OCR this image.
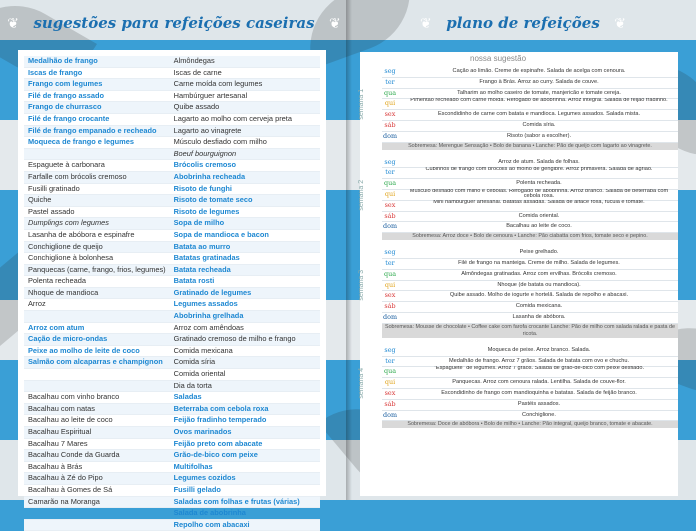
❦ sugestões para refeições caseiras ❦
Medalhão de frango	Almôndegas
Iscas de frango	Iscas de carne
Frango com legumes	Carne moída com legumes
Filé de frango assado	Hambúrguer artesanal
Frango de churrasco	Quibe assado
Filé de frango crocante	Lagarto ao molho com cerveja preta
Filé de frango empanado e recheado	Lagarto ao vinagrete
Moqueca de frango e legumes	Músculo desfiado com milho
	Boeuf bourguignon
Espaguete à carbonara	Brócolis cremoso
Farfalle com brócolis cremoso	Abobrinha recheada
Fusilli gratinado	Risoto de funghi
Quiche	Risoto de tomate seco
Pastel assado	Risoto de legumes
Dumplings com legumes	Sopa de milho
Lasanha de abóbora e espinafre	Sopa de mandioca e bacon
Conchiglione de queijo	Batata ao murro
Conchiglione à bolonhesa	Batatas gratinadas
Panquecas (carne, frango, frios, legumes)	Batata recheada
Polenta recheada	Batata rosti
Nhoque de mandioca	Gratinado de legumes
Arroz	Legumes assados
	Abobrinha grelhada
Arroz com atum	Arroz com amêndoas
Cação de micro-ondas	Gratinado cremoso de milho e frango
Peixe ao molho de leite de coco	Comida mexicana
Salmão com alcaparras e champignon	Comida síria
	Comida oriental
	Dia da torta
Bacalhau com vinho branco	Saladas
Bacalhau com natas	Beterraba com cebola roxa
Bacalhau ao leite de coco	Feijão fradinho temperado
Bacalhau Espiritual	Ovos marinados
Bacalhau 7 Mares	Feijão preto com abacate
Bacalhau Conde da Guarda	Grão-de-bico com peixe
Bacalhau à Brás	Multifolhas
Bacalhau à Zé do Pipo	Legumes cozidos
Bacalhau à Gomes de Sá	Fusilli gelado
Camarão na Moranga	Saladas com folhas e frutas (várias)
	Salada de abobrinha
	Repolho com abacaxi
❦ plano de refeições ❦
nossa sugestão
seg	Cação ao limão. Creme de espinafre. Salada de acelga com cenoura.
ter	Frango à Brás. Arroz ao curry. Salada de couve.
qua	Talharim ao molho caseiro de tomate, manjericão e tomate cereja.
qui	Pimentão recheado com carne moída. Refogado de abobrinha. Arroz integral. Salada de feijão fradinho.
sex	Escondidinho de carne com batata e mandioca. Legumes assados. Salada mista.
sáb	Comida síria.
dom	Risoto (sabor a escolher).
Sobremesa: Merengue Sensação • Bolo de banana • Lanche: Pão de queijo com lagarto ao vinagrete.
semana 1
seg	Arroz de atum. Salada de folhas.
ter	Cubinhos de frango com brócolis ao molho de gengibre. Arroz primavera. Salada de agrião.
qua	Polenta recheada.
qui	Músculo desfiado com milho e cebolas. Refogado de abobrinha. Arroz branco. Salada de beterraba com cebola roxa.
sex	Mini hambúrguer artesanal. Batatas assadas. Salada de alface roxa, rúcula e tomate.
sáb	Comida oriental.
dom	Bacalhau ao leite de coco.
Sobremesa: Arroz doce • Bolo de cenoura • Lanche: Pão ciabatta com frios, tomate seco e pepino.
semana 2
seg	Peixe grelhado.
ter	Filé de frango na manteiga. Creme de milho. Salada de legumes.
qua	Almôndegas gratinadas. Arroz com ervilhas. Brócolis cremoso.
qui	Nhoque (de batata ou mandioca).
sex	Quibe assado. Molho de iogurte e hortelã. Salada de repolho e abacaxi.
sáb	Comida mexicana.
dom	Lasanha de abóbora.
Sobremesa: Mousse de chocolate • Coffee cake com farofa crocante Lanche: Pão de milho com salada ralada e pasta de ricota.
semana 3
seg	Moqueca de peixe. Arroz branco. Salada.
ter	Medalhão de frango. Arroz 7 grãos. Salada de batata com ovo e chuchu.
qua	"Espaguete" de legumes. Arroz 7 grãos. Salada de grão-de-bico com peixe desfiado.
qui	Panquecas. Arroz com cenoura ralada. Lentilha. Salada de couve-flor.
sex	Escondidinho de frango com mandioquinha e batatas. Salada de feijão branco.
sáb	Pastéis assados.
dom	Conchiglione.
Sobremesa: Doce de abóbora • Bolo de milho • Lanche: Pão integral, queijo branco, tomate e abacate.
semana 4
